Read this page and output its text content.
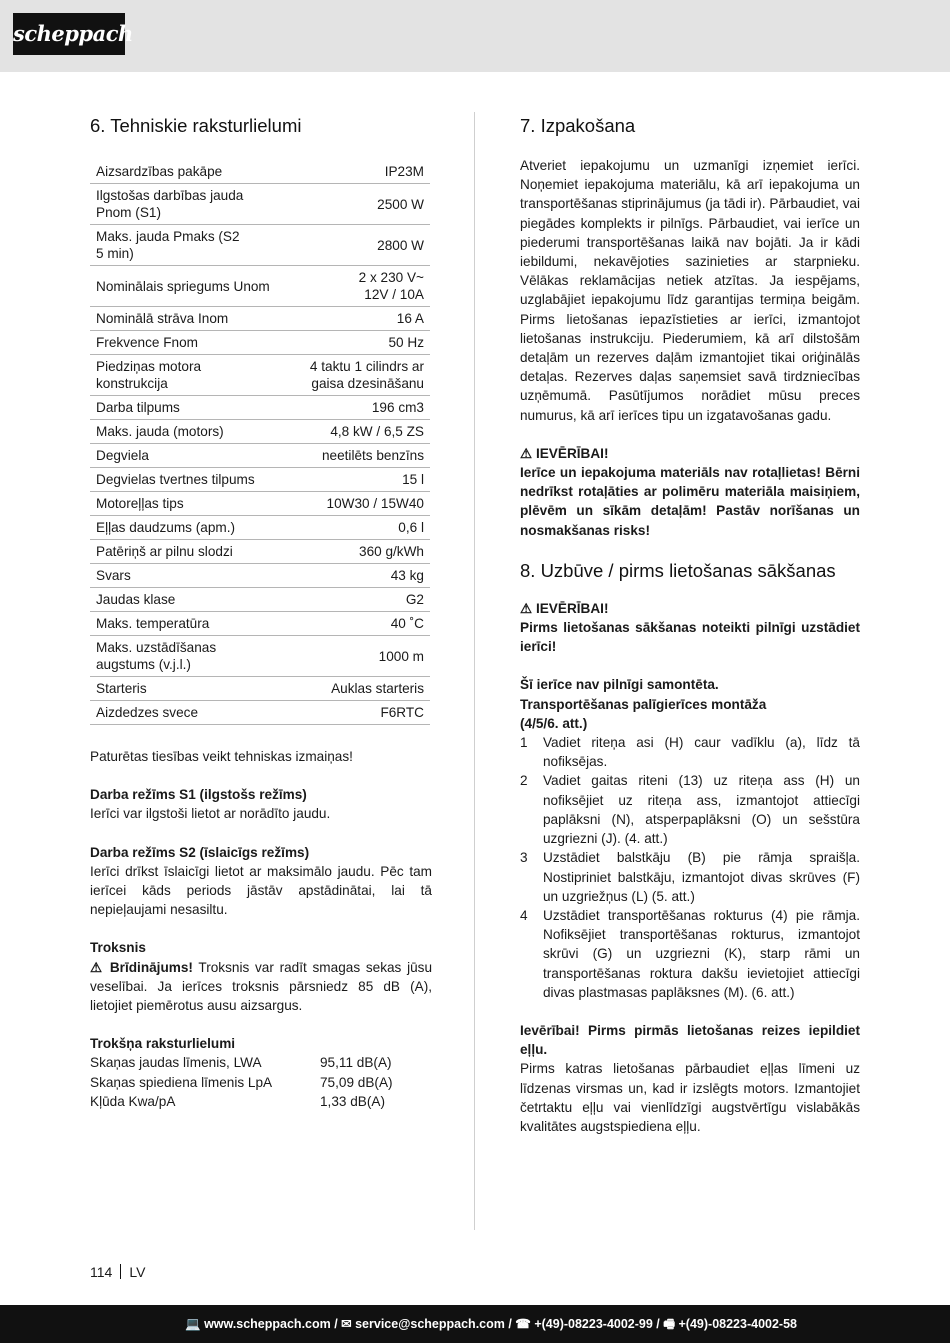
scheppach
6. Tehniskie raksturlielumi
Aizsardzības pakāpe	IP23M
Ilgstošas darbības jauda
Pnom (S1)	2500 W
Maks. jauda Pmaks (S2
5 min)	2800 W
Nominālais spriegums Unom	2 x 230 V~
12V / 10A
Nominālā strāva Inom	16 A
Frekvence Fnom	50 Hz
Piedziņas motora
konstrukcija	4 taktu 1 cilindrs ar
gaisa dzesināšanu
Darba tilpums	196 cm3
Maks. jauda (motors)	4,8 kW / 6,5 ZS
Degviela	neetilēts benzīns
Degvielas tvertnes tilpums	15 l
Motoreļļas tips	10W30 / 15W40
Eļļas daudzums (apm.)	0,6 l
Patēriņš ar pilnu slodzi	360 g/kWh
Svars	43 kg
Jaudas klase	G2
Maks. temperatūra	40 ˚C
Maks. uzstādīšanas
augstums (v.j.l.)	1000 m
Starteris	Auklas starteris
Aizdedzes svece	F6RTC

Paturētas tiesības veikt tehniskas izmaiņas!

Darba režīms S1 (ilgstošs režīms)

Ierīci var ilgstoši lietot ar norādīto jaudu.

Darba režīms S2 (īslaicīgs režīms)

Ierīci drīkst īslaicīgi lietot ar maksimālo jaudu. Pēc tam ierīcei kāds periods jāstāv apstādinātai, lai tā nepieļaujami nesasiltu.

Troksnis

⚠ Brīdinājums! Troksnis var radīt smagas sekas jūsu veselībai. Ja ierīces troksnis pārsniedz 85 dB (A), lietojiet piemērotus ausu aizsargus.

Trokšņa raksturlielumi

Skaņas jaudas līmenis, LWA	95,11 dB(A)
Skaņas spiediena līmenis LpA	75,09 dB(A)
Kļūda Kwa/pA	1,33 dB(A)
7. Izpakošana

Atveriet iepakojumu un uzmanīgi izņemiet ierīci. Noņemiet iepakojuma materiālu, kā arī iepakojuma un transportēšanas stiprinājumus (ja tādi ir). Pārbaudiet, vai piegādes komplekts ir pilnīgs. Pārbaudiet, vai ierīce un piederumi transportēšanas laikā nav bojāti. Ja ir kādi iebildumi, nekavējoties sazinieties ar starpnieku. Vēlākas reklamācijas netiek atzītas. Ja iespējams, uzglabājiet iepakojumu līdz garantijas termiņa beigām. Pirms lietošanas iepazīstieties ar ierīci, izmantojot lietošanas instrukciju. Piederumiem, kā arī dilstošām detaļām un rezerves daļām izmantojiet tikai oriģinālās detaļas. Rezerves daļas saņemsiet savā tirdzniecības uzņēmumā. Pasūtījumos norādiet mūsu preces numurus, kā arī ierīces tipu un izgatavošanas gadu.

⚠ IEVĒRĪBAI!

Ierīce un iepakojuma materiāls nav rotaļlietas! Bērni nedrīkst rotaļāties ar polimēru materiāla maisiņiem, plēvēm un sīkām detaļām! Pastāv norīšanas un nosmakšanas risks!

8. Uzbūve / pirms lietošanas sākšanas

⚠ IEVĒRĪBAI!

Pirms lietošanas sākšanas noteikti pilnīgi uzstādiet ierīci!

Šī ierīce nav pilnīgi samontēta.

Transportēšanas palīgierīces montāža

(4/5/6. att.)

1	Vadiet riteņa asi (H) caur vadīklu (a), līdz tā nofiksējas.
2	Vadiet gaitas riteni (13) uz riteņa ass (H) un nofiksējiet uz riteņa ass, izmantojot attiecīgi paplāksni (N), atsperpaplāksni (O) un sešstūra uzgriezni (J). (4. att.)
3	Uzstādiet balstkāju (B) pie rāmja spraišļa. Nostipriniet balstkāju, izmantojot divas skrūves (F) un uzgriežņus (L) (5. att.)
4	Uzstādiet transportēšanas rokturus (4) pie rāmja. Nofiksējiet transportēšanas rokturus, izmantojot skrūvi (G) un uzgriezni (K), starp rāmi un transportēšanas roktura dakšu ievietojiet attiecīgi divas plastmasas paplāksnes (M). (6. att.)

Ievērībai! Pirms pirmās lietošanas reizes iepildiet eļļu.

Pirms katras lietošanas pārbaudiet eļļas līmeni uz līdzenas virsmas un, kad ir izslēgts motors. Izmantojiet četrtaktu eļļu vai vienlīdzīgi augstvērtīgu vislabākās kvalitātes augstspiediena eļļu.

114 LV
💻 www.scheppach.com / ✉ service@scheppach.com / ☎ +(49)-08223-4002-99 / 🖷 +(49)-08223-4002-58
